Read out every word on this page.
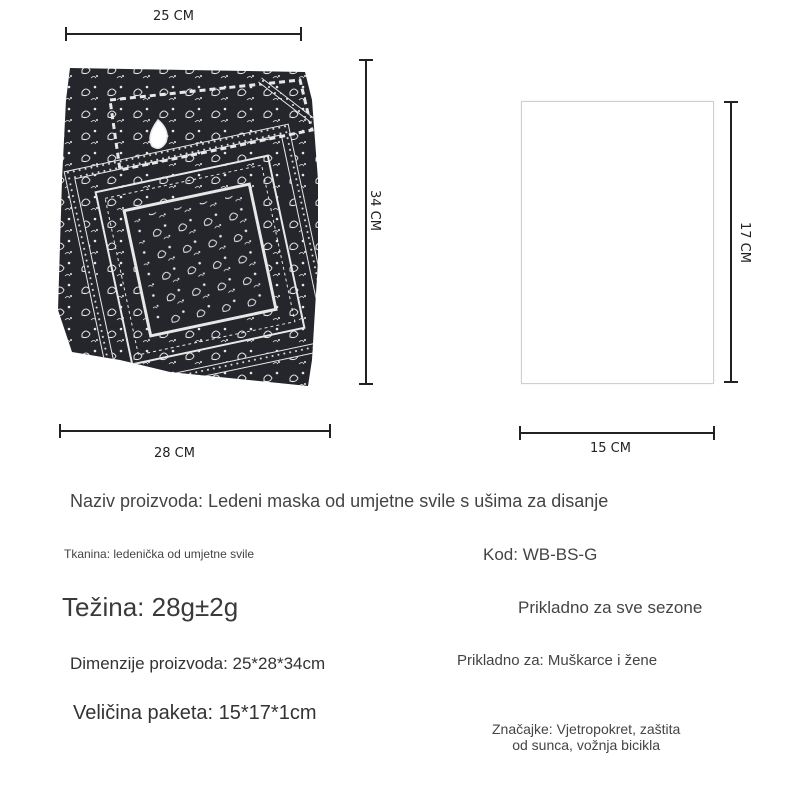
25 CM
34 CM
28 CM
17 CM
15 CM
Naziv proizvoda: Ledeni maska od umjetne svile s ušima za disanje
Tkanina: ledenička od umjetne svile	Kod: WB-BS-G
Težina: 28g±2g	Prikladno za sve sezone
Dimenzije proizvoda: 25*28*34cm	Prikladno za: Muškarce i žene
Veličina paketa: 15*17*1cm
Značajke: Vjetropokret, zaštita
od sunca, vožnja bicikla
